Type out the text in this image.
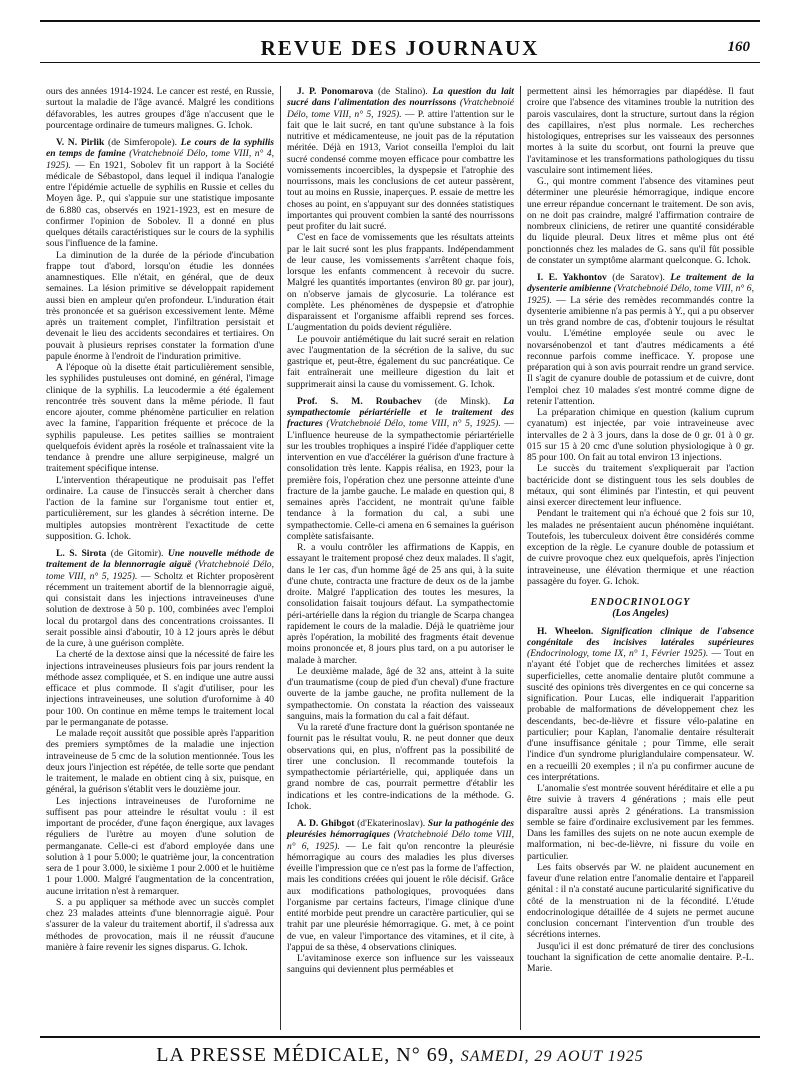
REVUE DES JOURNAUX	160

ours des années 1914-1924. Le cancer est resté, en Russie, surtout la maladie de l'âge avancé. Malgré les conditions défavorables, les autres groupes d'âge n'accusent que le pourcentage ordinaire de tumeurs malignes. G. Ichok.

V. N. Pirlik (de Simferopole). Le cours de la syphilis en temps de famine (Vratchebnoié Délo, tome VIII, n° 4, 1925). — En 1921, Sobolev fit un rapport à la Société médicale de Sébastopol, dans lequel il indiqua l'analogie entre l'épidémie actuelle de syphilis en Russie et celles du Moyen âge. P., qui s'appuie sur une statistique imposante de 6.880 cas, observés en 1921-1923, est en mesure de confirmer l'opinion de Sobolev. Il a donné en plus quelques détails caractéristiques sur le cours de la syphilis sous l'influence de la famine.

La diminution de la durée de la période d'incubation frappe tout d'abord, lorsqu'on étudie les données anamnestiques. Elle n'était, en général, que de deux semaines. La lésion primitive se développait rapidement aussi bien en ampleur qu'en profondeur. L'induration était très prononcée et sa guérison excessivement lente. Même après un traitement complet, l'infiltration persistait et devenait le lieu des accidents secondaires et tertiaires. On pouvait à plusieurs reprises constater la formation d'une papule énorme à l'endroit de l'induration primitive.

A l'époque où la disette était particulièrement sensible, les syphilides pustuleuses ont dominé, en général, l'image clinique de la syphilis. La leucodermie a été également rencontrée très souvent dans la même période. Il faut encore ajouter, comme phénomène particulier en relation avec la famine, l'apparition fréquente et précoce de la syphilis papuleuse. Les petites saillies se montraient quelquefois évident après la roséole et traînassaient vite la tendance à prendre une allure serpigineuse, malgré un traitement spécifique intense.

L'intervention thérapeutique ne produisait pas l'effet ordinaire. La cause de l'insuccès serait à chercher dans l'action de la famine sur l'organisme tout entier et, particulièrement, sur les glandes à sécrétion interne. De multiples autopsies montrèrent l'exactitude de cette supposition. G. Ichok.

L. S. Sirota (de Gitomir). Une nouvelle méthode de traitement de la blennorragie aiguë (Vratchebnoié Délo, tome VIII, n° 5, 1925). — Scholtz et Richter proposèrent récemment un traitement abortif de la blennorragie aiguë, qui consistait dans les injections intraveineuses d'une solution de dextrose à 50 p. 100, combinées avec l'emploi local du protargol dans des concentrations croissantes. Il serait possible ainsi d'aboutir, 10 à 12 jours après le début de la cure, à une guérison complète.

La cherté de la dextose ainsi que la nécessité de faire les injections intraveineuses plusieurs fois par jours rendent la méthode assez compliquée, et S. en indique une autre aussi efficace et plus commode. Il s'agit d'utiliser, pour les injections intraveineuses, une solution d'urofornime à 40 pour 100. On continue en même temps le traitement local par le permanganate de potasse.

Le malade reçoit aussitôt que possible après l'apparition des premiers symptômes de la maladie une injection intraveineuse de 5 cmc de la solution mentionnée. Tous les deux jours l'injection est répétée, de telle sorte que pendant le traitement, le malade en obtient cinq à six, puisque, en général, la guérison s'établit vers le douzième jour.

Les injections intraveineuses de l'urofornime ne suffisent pas pour atteindre le résultat voulu : il est important de procéder, d'une façon énergique, aux lavages réguliers de l'urètre au moyen d'une solution de permanganate. Celle-ci est d'abord employée dans une solution à 1 pour 5.000; le quatrième jour, la concentration sera de 1 pour 3.000, le sixième 1 pour 2.000 et le huitième 1 pour 1.000. Malgré l'augmentation de la concentration, aucune irritation n'est à remarquer.

S. a pu appliquer sa méthode avec un succès complet chez 23 malades atteints d'une blennorragie aiguë. Pour s'assurer de la valeur du traitement abortif, il s'adressa aux méthodes de provocation, mais il ne réussit d'aucune manière à faire revenir les signes disparus. G. Ichok.

J. P. Ponomarova (de Stalino). La question du lait sucré dans l'alimentation des nourrissons (Vratchebnoié Délo, tome VIII, n° 5, 1925). — P. attire l'attention sur le fait que le lait sucré, en tant qu'une substance à la fois nutritive et médicamenteuse, ne jouit pas de la réputation méritée. Déjà en 1913, Variot conseilla l'emploi du lait sucré condensé comme moyen efficace pour combattre les vomissements incoercibles, la dyspepsie et l'atrophie des nourrissons, mais les conclusions de cet auteur passèrent, tout au moins en Russie, inaperçues. P. essaie de mettre les choses au point, en s'appuyant sur des données statistiques importantes qui prouvent combien la santé des nourrissons peut profiter du lait sucré.

C'est en face de vomissements que les résultats atteints par le lait sucré sont les plus frappants. Indépendamment de leur cause, les vomissements s'arrêtent chaque fois, lorsque les enfants commencent à recevoir du sucre. Malgré les quantités importantes (environ 80 gr. par jour), on n'observe jamais de glycosurie. La tolérance est complète. Les phénomènes de dyspepsie et d'atrophie disparaissent et l'organisme affaibli reprend ses forces. L'augmentation du poids devient régulière.

Le pouvoir antiémétique du lait sucré serait en relation avec l'augmentation de la sécrétion de la salive, du suc gastrique et, peut-être, également du suc pancréatique. Ce fait entraînerait une meilleure digestion du lait et supprimerait ainsi la cause du vomissement. G. Ichok.

Prof. S. M. Roubachev (de Minsk). La sympathectomie périartérielle et le traitement des fractures (Vratchebnoié Délo, tome VIII, n° 5, 1925). — L'influence heureuse de la sympathectomie périartérielle sur les troubles trophiques a inspiré l'idée d'appliquer cette intervention en vue d'accélérer la guérison d'une fracture à consolidation très lente. Kappis réalisa, en 1923, pour la première fois, l'opération chez une personne atteinte d'une fracture de la jambe gauche. Le malade en question qui, 8 semaines après l'accident, ne montrait qu'une faible tendance à la formation du cal, a subi une sympathectomie. Celle-ci amena en 6 semaines la guérison complète satisfaisante.

R. a voulu contrôler les affirmations de Kappis, en essayant le traitement proposé chez deux malades. Il s'agit, dans le 1er cas, d'un homme âgé de 25 ans qui, à la suite d'une chute, contracta une fracture de deux os de la jambe droite. Malgré l'application des toutes les mesures, la consolidation faisait toujours défaut. La sympathectomie péri-artérielle dans la région du triangle de Scarpa changea rapidement le cours de la maladie. Déjà le quatrième jour après l'opération, la mobilité des fragments était devenue moins prononcée et, 8 jours plus tard, on a pu autoriser le malade à marcher.

Le deuxième malade, âgé de 32 ans, atteint à la suite d'un traumatisme (coup de pied d'un cheval) d'une fracture ouverte de la jambe gauche, ne profita nullement de la sympathectomie. On constata la réaction des vaisseaux sanguins, mais la formation du cal a fait défaut.

Vu la rareté d'une fracture dont la guérison spontanée ne fournit pas le résultat voulu, R. ne peut donner que deux observations qui, en plus, n'offrent pas la possibilité de tirer une conclusion. Il recommande toutefois la sympathectomie périartérielle, qui, appliquée dans un grand nombre de cas, pourrait permettre d'établir les indications et les contre-indications de la méthode. G. Ichok.

A. D. Ghibgot (d'Ekaterinoslav). Sur la pathogénie des pleurésies hémorragiques (Vratchebnoié Délo tome VIII, n° 6, 1925). — Le fait qu'on rencontre la pleurésie hémorragique au cours des maladies les plus diverses éveille l'impression que ce n'est pas la forme de l'affection, mais les conditions créées qui jouent le rôle décisif. Grâce aux modifications pathologiques, provoquées dans l'organisme par certains facteurs, l'image clinique d'une entité morbide peut prendre un caractère particulier, qui se trahit par une pleurésie hémorragique. G. met, à ce point de vue, en valeur l'importance des vitamines, et il cite, à l'appui de sa thèse, 4 observations cliniques.

L'avitaminose exerce son influence sur les vaisseaux sanguins qui deviennent plus perméables et

permettent ainsi les hémorragies par diapédèse. Il faut croire que l'absence des vitamines trouble la nutrition des parois vasculaires, dont la structure, surtout dans la région des capillaires, n'est plus normale. Les recherches histologiques, entreprises sur les vaisseaux des personnes mortes à la suite du scorbut, ont fourni la preuve que l'avitaminose et les transformations pathologiques du tissu vasculaire sont intimement liées.

G., qui montre comment l'absence des vitamines peut déterminer une pleurésie hémorragique, indique encore une erreur répandue concernant le traitement. De son avis, on ne doit pas craindre, malgré l'affirmation contraire de nombreux cliniciens, de retirer une quantité considérable du liquide pleural. Deux litres et même plus ont été ponctionnés chez les malades de G. sans qu'il fût possible de constater un symptôme alarmant quelconque. G. Ichok.

I. E. Yakhontov (de Saratov). Le traitement de la dysenterie amibienne (Vratchebnoié Délo, tome VIII, n° 6, 1925). — La série des remèdes recommandés contre la dysenterie amibienne n'a pas permis à Y., qui a pu observer un très grand nombre de cas, d'obtenir toujours le résultat voulu. L'émétine employée seule ou avec le novarsénobenzol et tant d'autres médicaments a été reconnue parfois comme inefficace. Y. propose une préparation qui à son avis pourrait rendre un grand service. Il s'agit de cyanure double de potassium et de cuivre, dont l'emploi chez 10 malades s'est montré comme digne de retenir l'attention.

La préparation chimique en question (kalium cuprum cyanatum) est injectée, par voie intraveineuse avec intervalles de 2 à 3 jours, dans la dose de 0 gr. 01 à 0 gr. 015 sur 15 à 20 cmc d'une solution physiologique à 0 gr. 85 pour 100. On fait au total environ 13 injections.

Le succès du traitement s'expliquerait par l'action bactéricide dont se distinguent tous les sels doubles de métaux, qui sont éliminés par l'intestin, et qui peuvent ainsi exercer directement leur influence.

Pendant le traitement qui n'a échoué que 2 fois sur 10, les malades ne présentaient aucun phénomène inquiétant. Toutefois, les tuberculeux doivent être considérés comme exception de la règle. Le cyanure double de potassium et de cuivre provoque chez eux quelquefois, après l'injection intraveineuse, une élévation thermique et une réaction passagère du foyer. G. Ichok.

ENDOCRINOLOGY
(Los Angeles)

H. Wheelon. Signification clinique de l'absence congénitale des incisives latérales supérieures (Endocrinology, tome IX, n° 1, Février 1925). — Tout en n'ayant été l'objet que de recherches limitées et assez superficielles, cette anomalie dentaire plutôt commune a suscité des opinions très divergentes en ce qui concerne sa signification. Pour Lucas, elle indiquerait l'apparition probable de malformations de développement chez les descendants, bec-de-lièvre et fissure vélo-palatine en particulier; pour Kaplan, l'anomalie dentaire résulterait d'une insuffisance génitale ; pour Timme, elle serait l'indice d'un syndrome pluriglandulaire compensateur. W. en a recueilli 20 exemples ; il n'a pu confirmer aucune de ces interprétations.

L'anomalie s'est montrée souvent héréditaire et elle a pu être suivie à travers 4 générations ; mais elle peut disparaître aussi après 2 générations. La transmission semble se faire d'ordinaire exclusivement par les femmes. Dans les familles des sujets on ne note aucun exemple de malformation, ni bec-de-lièvre, ni fissure du voile en particulier.

Les faits observés par W. ne plaident aucunement en faveur d'une relation entre l'anomalie dentaire et l'appareil génital : il n'a constaté aucune particularité significative du côté de la menstruation ni de la fécondité. L'étude endocrinologique détaillée de 4 sujets ne permet aucune conclusion concernant l'intervention d'un trouble des sécrétions internes.

Jusqu'ici il est donc prématuré de tirer des conclusions touchant la signification de cette anomalie dentaire. P.-L. Marie.

LA PRESSE MÉDICALE, N° 69, SAMEDI, 29 AOUT 1925
